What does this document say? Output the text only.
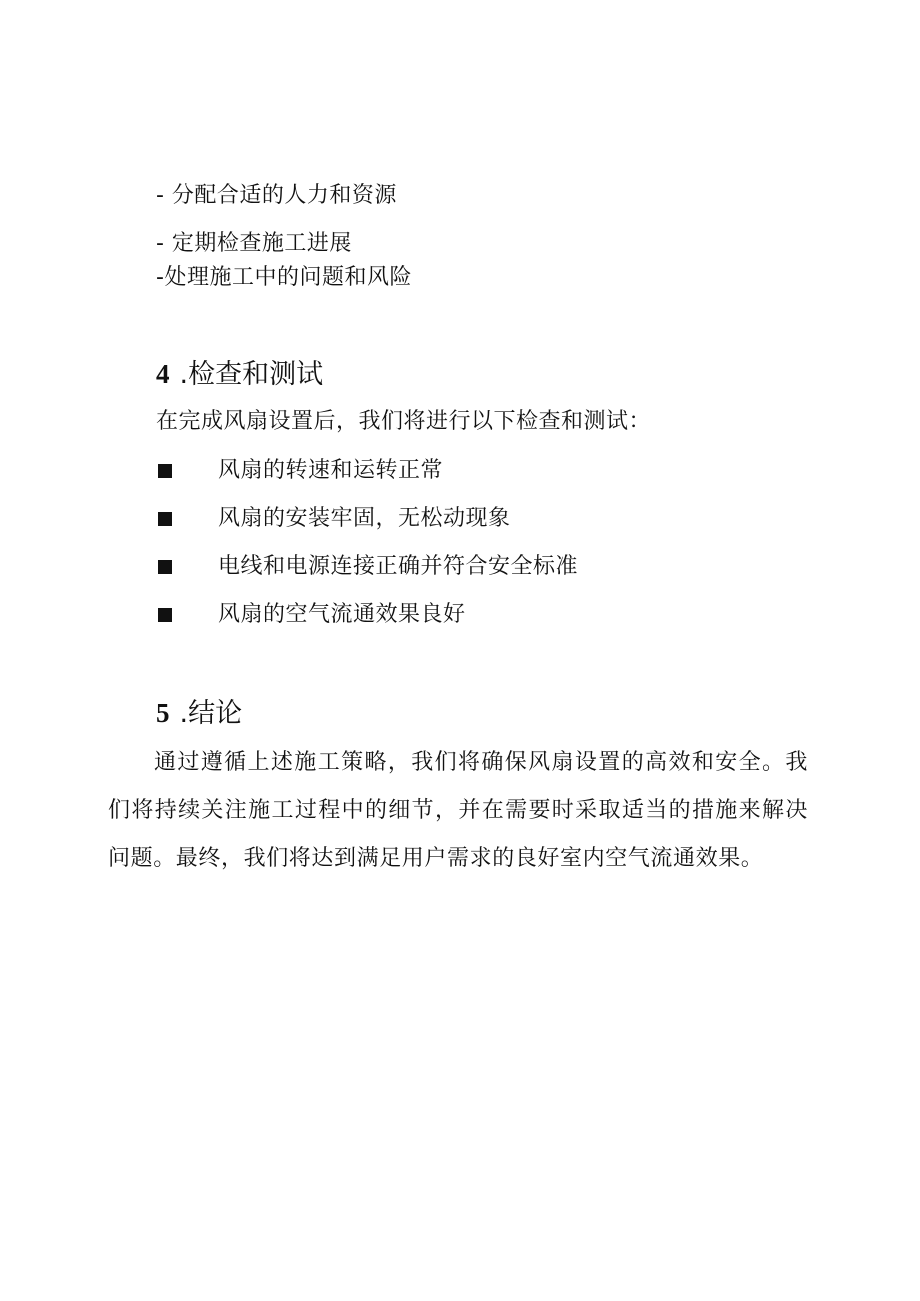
- 分配合适的人力和资源
- 定期检查施工进展
-处理施工中的问题和风险
4 .检查和测试
在完成风扇设置后，我们将进行以下检查和测试：
风扇的转速和运转正常
风扇的安装牢固，无松动现象
电线和电源连接正确并符合安全标准
风扇的空气流通效果良好
5 .结论
通过遵循上述施工策略，我们将确保风扇设置的高效和安全。我们将持续关注施工过程中的细节，并在需要时采取适当的措施来解决问题。最终，我们将达到满足用户需求的良好室内空气流通效果。
